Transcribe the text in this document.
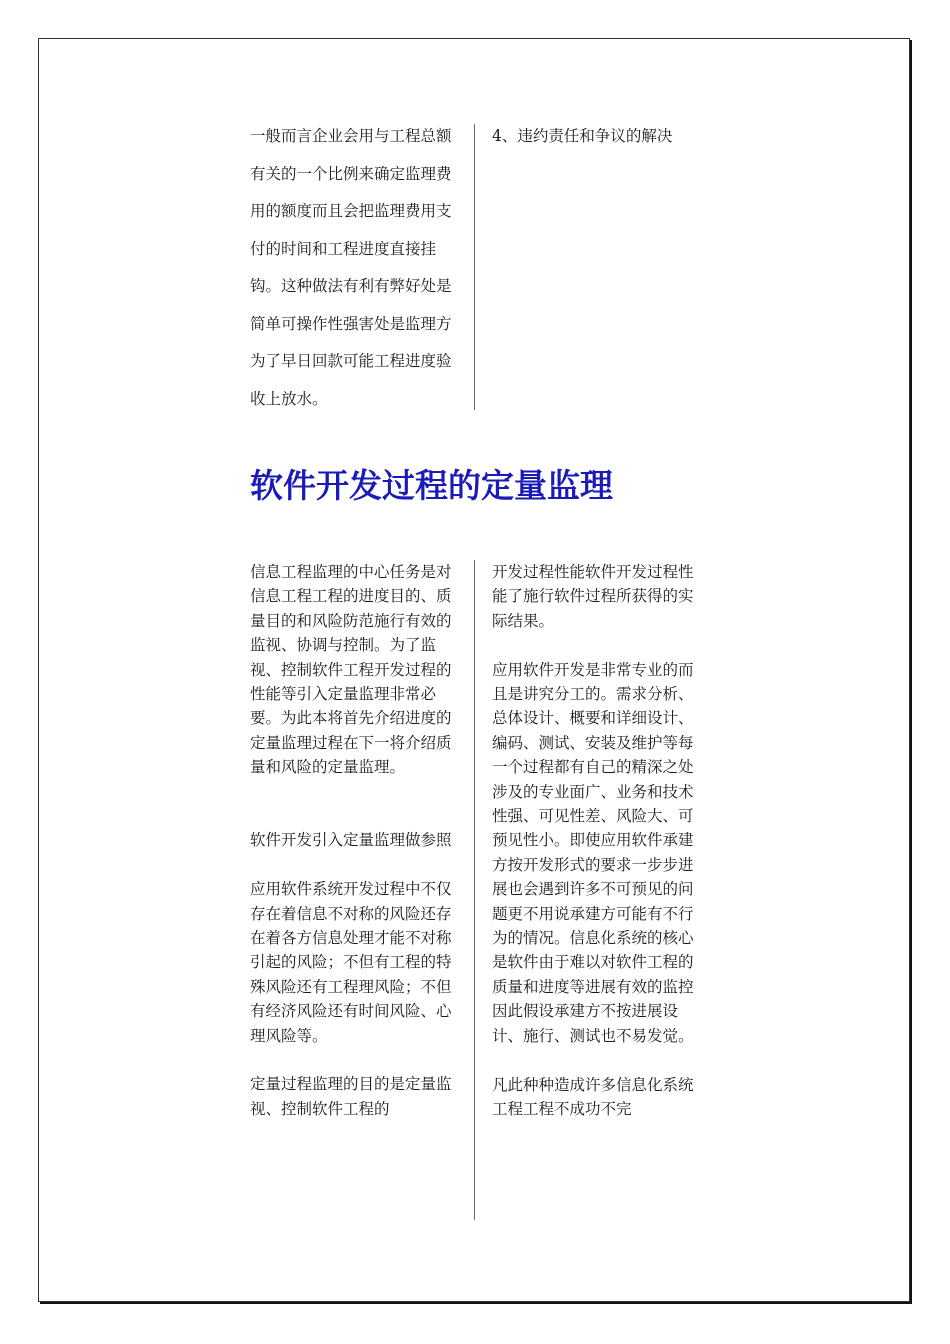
一般而言企业会用与工程总额有关的一个比例来确定监理费用的额度而且会把监理费用支付的时间和工程进度直接挂钩。这种做法有利有弊好处是简单可操作性强害处是监理方为了早日回款可能工程进度验收上放水。
4、违约责任和争议的解决
软件开发过程的定量监理

信息工程监理的中心任务是对信息工程工程的进度目的、质量目的和风险防范施行有效的监视、协调与控制。为了监视、控制软件工程开发过程的性能等引入定量监理非常必要。为此本将首先介绍进度的定量监理过程在下一将介绍质量和风险的定量监理。

软件开发引入定量监理做参照

应用软件系统开发过程中不仅存在着信息不对称的风险还存在着各方信息处理才能不对称引起的风险；不但有工程的特殊风险还有工程理风险；不但有经济风险还有时间风险、心理风险等。

定量过程监理的目的是定量监视、控制软件工程的

开发过程性能软件开发过程性能了施行软件过程所获得的实际结果。

应用软件开发是非常专业的而且是讲究分工的。需求分析、总体设计、概要和详细设计、编码、测试、安装及维护等每一个过程都有自己的精深之处涉及的专业面广、业务和技术性强、可见性差、风险大、可预见性小。即使应用软件承建方按开发形式的要求一步步进展也会遇到许多不可预见的问题更不用说承建方可能有不行为的情况。信息化系统的核心是软件由于难以对软件工程的质量和进度等进展有效的监控因此假设承建方不按进展设计、施行、测试也不易发觉。

凡此种种造成许多信息化系统工程工程不成功不完
